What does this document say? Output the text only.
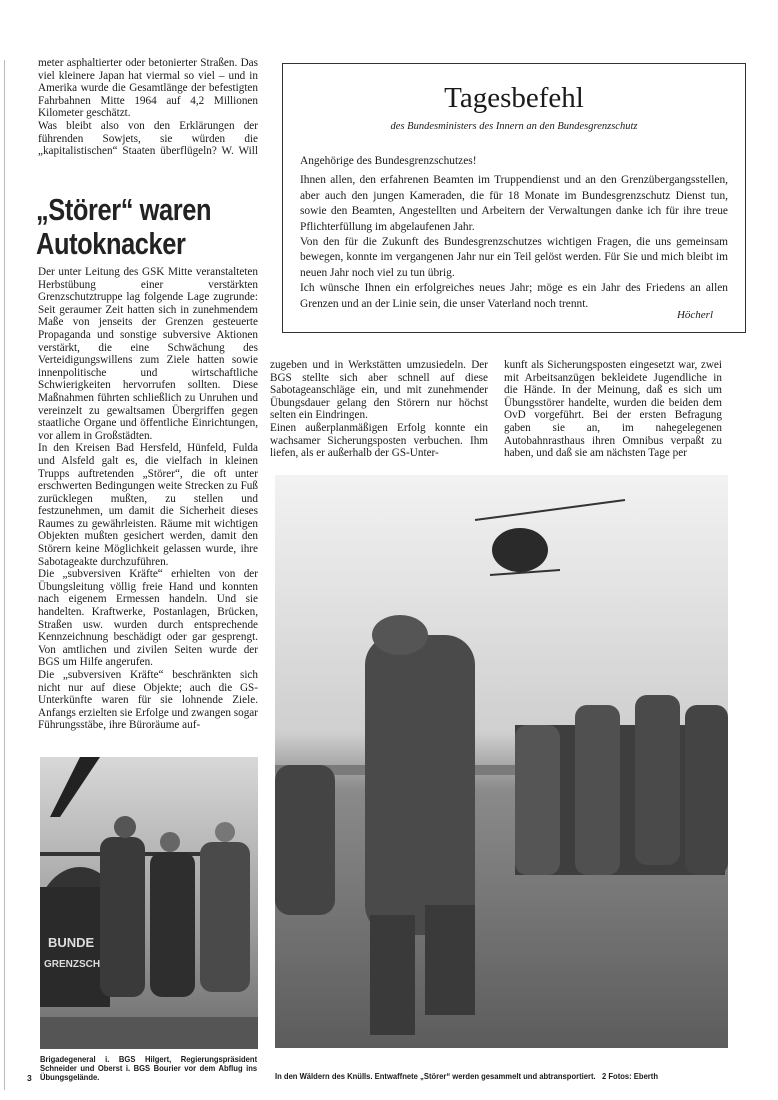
meter asphaltierter oder betonierter Straßen. Das viel kleinere Japan hat viermal so viel – und in Amerika wurde die Gesamtlänge der befestigten Fahrbahnen Mitte 1964 auf 4,2 Millionen Kilometer geschätzt.

Was bleibt also von den Erklärungen der führenden Sowjets, sie würden die „kapitalistischen“ Staaten überflügeln? W. Will

„Störer“ waren
Autoknacker

Der unter Leitung des GSK Mitte veranstalteten Herbstübung einer verstärkten Grenzschutztruppe lag folgende Lage zugrunde: Seit geraumer Zeit hatten sich in zunehmendem Maße von jenseits der Grenzen gesteuerte Propaganda und sonstige subversive Aktionen verstärkt, die eine Schwächung des Verteidigungswillens zum Ziele hatten sowie innenpolitische und wirtschaftliche Schwierigkeiten hervorrufen sollten. Diese Maßnahmen führten schließlich zu Unruhen und vereinzelt zu gewaltsamen Übergriffen gegen staatliche Organe und öffentliche Einrichtungen, vor allem in Großstädten.

In den Kreisen Bad Hersfeld, Hünfeld, Fulda und Alsfeld galt es, die vielfach in kleinen Trupps auftretenden „Störer“, die oft unter erschwerten Bedingungen weite Strecken zu Fuß zurücklegen mußten, zu stellen und festzunehmen, um damit die Sicherheit dieses Raumes zu gewährleisten. Räume mit wichtigen Objekten mußten gesichert werden, damit den Störern keine Möglichkeit gelassen wurde, ihre Sabotageakte durchzuführen.

Die „subversiven Kräfte“ erhielten von der Übungsleitung völlig freie Hand und konnten nach eigenem Ermessen handeln. Und sie handelten. Kraftwerke, Postanlagen, Brücken, Straßen usw. wurden durch entsprechende Kennzeichnung beschädigt oder gar gesprengt. Von amtlichen und zivilen Seiten wurde der BGS um Hilfe angerufen.

Die „subversiven Kräfte“ beschränkten sich nicht nur auf diese Objekte; auch die GS-Unterkünfte waren für sie lohnende Ziele. Anfangs erzielten sie Erfolge und zwangen sogar Führungsstäbe, ihre Büroräume auf-

Tagesbefehl
des Bundesministers des Innern an den Bundesgrenzschutz

Angehörige des Bundesgrenzschutzes!

Ihnen allen, den erfahrenen Beamten im Truppendienst und an den Grenzübergangsstellen, aber auch den jungen Kameraden, die für 18 Monate im Bundesgrenzschutz Dienst tun, sowie den Beamten, Angestellten und Arbeitern der Verwaltungen danke ich für ihre treue Pflichterfüllung im abgelaufenen Jahr.

Von den für die Zukunft des Bundesgrenzschutzes wichtigen Fragen, die uns gemeinsam bewegen, konnte im vergangenen Jahr nur ein Teil gelöst werden. Für Sie und mich bleibt im neuen Jahr noch viel zu tun übrig.

Ich wünsche Ihnen ein erfolgreiches neues Jahr; möge es ein Jahr des Friedens an allen Grenzen und an der Linie sein, die unser Vaterland noch trennt.

Höcherl

zugeben und in Werkstätten umzusiedeln. Der BGS stellte sich aber schnell auf diese Sabotageanschläge ein, und mit zunehmender Übungsdauer gelang den Störern nur höchst selten ein Eindringen.

Einen außerplanmäßigen Erfolg konnte ein wachsamer Sicherungsposten verbuchen. Ihm liefen, als er außerhalb der GS-Unter-

kunft als Sicherungsposten eingesetzt war, zwei mit Arbeitsanzügen bekleidete Jugendliche in die Hände. In der Meinung, daß es sich um Übungsstörer handelte, wurden die beiden dem OvD vorgeführt. Bei der ersten Befragung gaben sie an, im nahegelegenen Autobahnrasthaus ihren Omnibus verpaßt zu haben, und daß sie am nächsten Tage per

BUNDE
GRENZSCH
Brigadegeneral i. BGS Hilgert, Regierungspräsident Schneider und Oberst i. BGS Bourier vor dem Abflug ins Übungsgelände.
3	In den Wäldern des Knülls. Entwaffnete „Störer“ werden gesammelt und abtransportiert.   2 Fotos: Eberth
